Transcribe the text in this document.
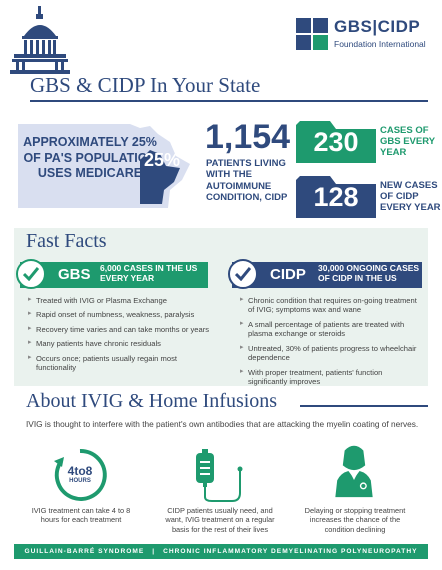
GBS|CIDP
Foundation International
GBS & CIDP In Your State
APPROXIMATELY 25% OF PA'S POPULATION USES MEDICARE
25%
1,154
PATIENTS LIVING WITH THE AUTOIMMUNE CONDITION, CIDP
230	CASES OF GBS EVERY YEAR
128	NEW CASES OF CIDP EVERY YEAR
Fast Facts
GBS 6,000 CASES IN THE US EVERY YEAR	CIDP 30,000 ONGOING CASES OF CIDP IN THE US
▸ Treated with IVIG or Plasma Exchange
▸ Rapid onset of numbness, weakness, paralysis
▸ Recovery time varies and can take months or years
▸ Many patients have chronic residuals
▸ Occurs once; patients usually regain most functionality
▸ Chronic condition that requires on-going treatment of IVIG; symptoms wax and wane
▸ A small percentage of patients are treated with plasma exchange or steroids
▸ Untreated, 30% of patients progress to wheelchair dependence
▸ With proper treatment, patients' function significantly improves
About IVIG & Home Infusions
IVIG is thought to interfere with the patient's own antibodies that are attacking the myelin coating of nerves.
4to8
HOURS
IVIG treatment can take 4 to 8 hours for each treatment
CIDP patients usually need, and want, IVIG treatment on a regular basis for the rest of their lives
Delaying or stopping treatment increases the chance of the condition declining
GUILLAIN-BARRÉ SYNDROME | CHRONIC INFLAMMATORY DEMYELINATING POLYNEUROPATHY
